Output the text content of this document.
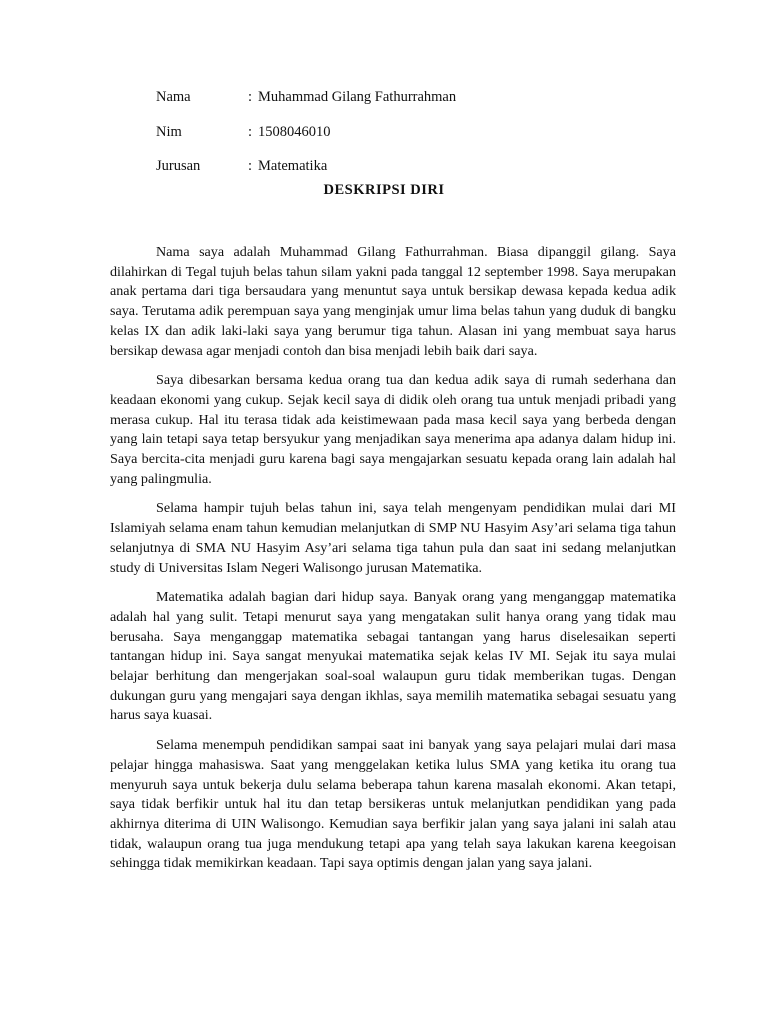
Nama	: Muhammad Gilang Fathurrahman
Nim	: 1508046010
Jurusan	: Matematika
DESKRIPSI DIRI

Nama saya adalah Muhammad Gilang Fathurrahman. Biasa dipanggil gilang. Saya dilahirkan di Tegal tujuh belas tahun silam yakni pada tanggal 12 september 1998. Saya merupakan anak pertama dari tiga bersaudara yang menuntut saya untuk bersikap dewasa kepada kedua adik saya. Terutama adik perempuan saya yang menginjak umur lima belas tahun yang duduk di bangku kelas IX dan adik laki-laki saya yang berumur tiga tahun. Alasan ini yang membuat saya harus bersikap dewasa agar menjadi contoh dan bisa menjadi lebih baik dari saya.

Saya dibesarkan bersama kedua orang tua dan kedua adik saya di rumah sederhana dan keadaan ekonomi yang cukup. Sejak kecil saya di didik oleh orang tua untuk menjadi pribadi yang merasa cukup. Hal itu terasa tidak ada keistimewaan pada masa kecil saya yang berbeda dengan yang lain tetapi saya tetap bersyukur yang menjadikan saya menerima apa adanya dalam hidup ini. Saya bercita-cita menjadi guru karena bagi saya mengajarkan sesuatu kepada orang lain adalah hal yang palingmulia.

Selama hampir tujuh belas tahun ini, saya telah mengenyam pendidikan mulai dari MI Islamiyah selama enam tahun kemudian melanjutkan di SMP NU Hasyim Asy’ari selama tiga tahun selanjutnya di SMA NU Hasyim Asy’ari selama tiga tahun pula dan saat ini sedang melanjutkan study di Universitas Islam Negeri Walisongo jurusan Matematika.

Matematika adalah bagian dari hidup saya. Banyak orang yang menganggap matematika adalah hal yang sulit. Tetapi menurut saya yang mengatakan sulit hanya orang yang tidak mau berusaha. Saya menganggap matematika sebagai tantangan yang harus diselesaikan seperti tantangan hidup ini. Saya sangat menyukai matematika sejak kelas IV MI. Sejak itu saya mulai belajar berhitung dan mengerjakan soal-soal walaupun guru tidak memberikan tugas. Dengan dukungan guru yang mengajari saya dengan ikhlas, saya memilih matematika sebagai sesuatu yang harus saya kuasai.

Selama menempuh pendidikan sampai saat ini banyak yang saya pelajari mulai dari masa pelajar hingga mahasiswa. Saat yang menggelakan ketika lulus SMA yang ketika itu orang tua menyuruh saya untuk bekerja dulu selama beberapa tahun karena masalah ekonomi. Akan tetapi, saya tidak berfikir untuk hal itu dan tetap bersikeras untuk melanjutkan pendidikan yang pada akhirnya diterima di UIN Walisongo. Kemudian saya berfikir jalan yang saya jalani ini salah atau tidak, walaupun orang tua juga mendukung tetapi apa yang telah saya lakukan karena keegoisan sehingga tidak memikirkan keadaan. Tapi saya optimis dengan jalan yang saya jalani.
